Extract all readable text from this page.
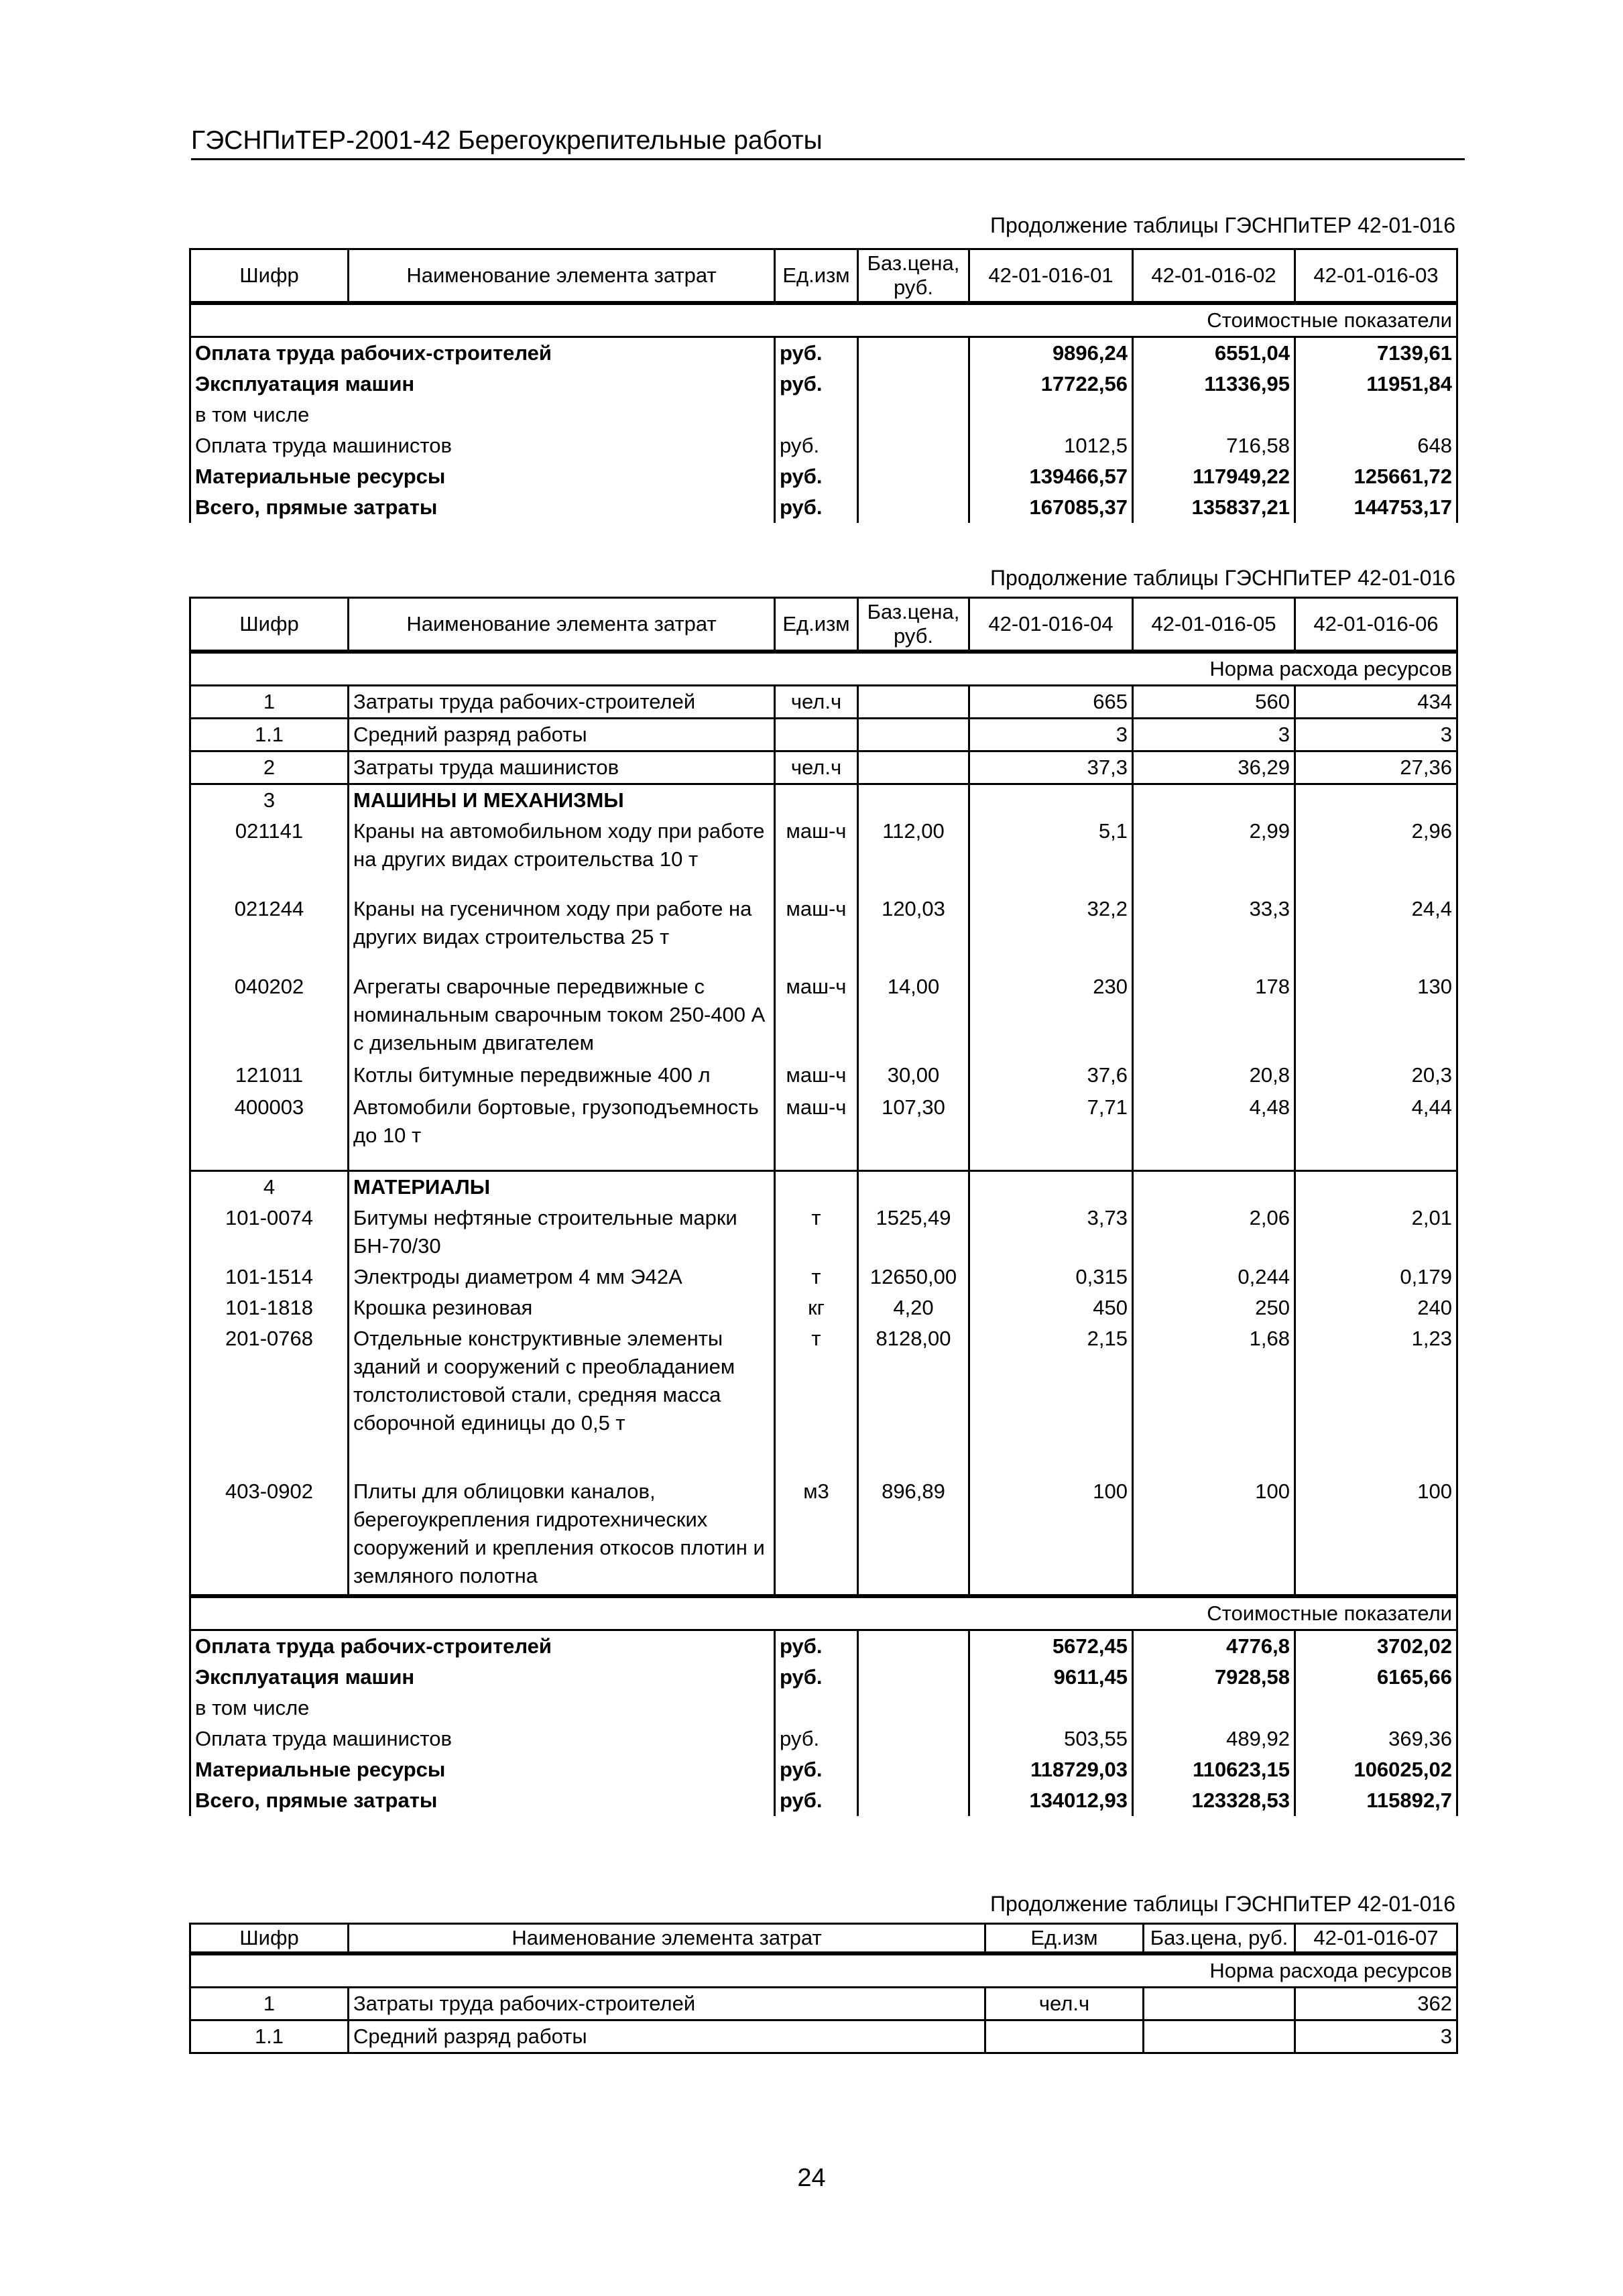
ГЭСНПиТЕР-2001-42 Берегоукрепительные работы
Продолжение таблицы ГЭСНПиТЕР 42-01-016
Шифр	Наименование элемента затрат	Ед.изм	Баз.цена, руб.	42-01-016-01	42-01-016-02	42-01-016-03
Стоимостные показатели						
Оплата труда рабочих-строителей		руб.		9896,24	6551,04	7139,61
Эксплуатация машин		руб.		17722,56	11336,95	11951,84
в том числе						
Оплата труда машинистов		руб.		1012,5	716,58	648
Материальные ресурсы		руб.		139466,57	117949,22	125661,72
Всего, прямые затраты		руб.		167085,37	135837,21	144753,17
Продолжение таблицы ГЭСНПиТЕР 42-01-016
Шифр	Наименование элемента затрат	Ед.изм	Баз.цена, руб.	42-01-016-04	42-01-016-05	42-01-016-06
Норма расхода ресурсов						
1	Затраты труда рабочих-строителей	чел.ч		665	560	434
1.1	Средний разряд работы			3	3	3
2	Затраты труда машинистов	чел.ч		37,3	36,29	27,36
3	МАШИНЫ И МЕХАНИЗМЫ					
021141	Краны на автомобильном ходу при работе на других видах строительства 10 т	маш-ч	112,00	5,1	2,99	2,96
021244	Краны на гусеничном ходу при работе на других видах строительства 25 т	маш-ч	120,03	32,2	33,3	24,4
040202	Агрегаты сварочные передвижные с номинальным сварочным током 250-400 А с дизельным двигателем	маш-ч	14,00	230	178	130
121011	Котлы битумные передвижные 400 л	маш-ч	30,00	37,6	20,8	20,3
400003	Автомобили бортовые, грузоподъемность до 10 т	маш-ч	107,30	7,71	4,48	4,44
4	МАТЕРИАЛЫ					
101-0074	Битумы нефтяные строительные марки БН-70/30	т	1525,49	3,73	2,06	2,01
101-1514	Электроды диаметром 4 мм Э42А	т	12650,00	0,315	0,244	0,179
101-1818	Крошка резиновая	кг	4,20	450	250	240
201-0768	Отдельные конструктивные элементы зданий и сооружений с преобладанием толстолистовой стали, средняя масса сборочной единицы до 0,5 т	т	8128,00	2,15	1,68	1,23
403-0902	Плиты для облицовки каналов, берегоукрепления гидротехнических сооружений и крепления откосов плотин и земляного полотна	м3	896,89	100	100	100
Стоимостные показатели						
Оплата труда рабочих-строителей		руб.		5672,45	4776,8	3702,02
Эксплуатация машин		руб.		9611,45	7928,58	6165,66
в том числе						
Оплата труда машинистов		руб.		503,55	489,92	369,36
Материальные ресурсы		руб.		118729,03	110623,15	106025,02
Всего, прямые затраты		руб.		134012,93	123328,53	115892,7
Продолжение таблицы ГЭСНПиТЕР 42-01-016
Шифр	Наименование элемента затрат	Ед.изм	Баз.цена, руб.	42-01-016-07
Норма расхода ресурсов				
1	Затраты труда рабочих-строителей	чел.ч		362
1.1	Средний разряд работы			3
24
